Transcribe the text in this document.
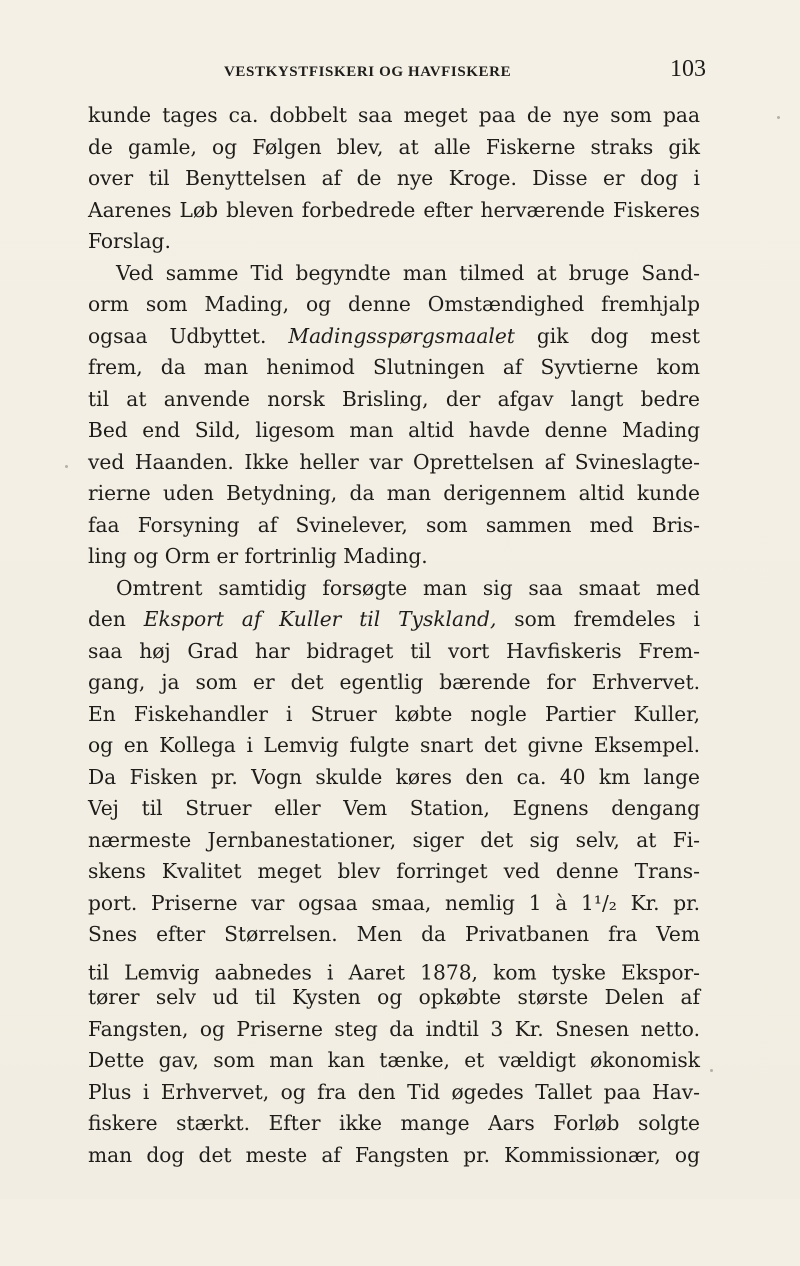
VESTKYSTFISKERI OG HAVFISKERE	103
kunde tages ca. dobbelt saa meget paa de nye som paa
de gamle, og Følgen blev, at alle Fiskerne straks gik
over til Benyttelsen af de nye Kroge. Disse er dog i
Aarenes Løb bleven forbedrede efter herværende Fiskeres
Forslag.
Ved samme Tid begyndte man tilmed at bruge Sand-
orm som Mading, og denne Omstændighed fremhjalp
ogsaa Udbyttet. Madingsspørgsmaalet gik dog mest
frem, da man henimod Slutningen af Syvtierne kom
til at anvende norsk Brisling, der afgav langt bedre
Bed end Sild, ligesom man altid havde denne Mading
ved Haanden. Ikke heller var Oprettelsen af Svineslagte-
rierne uden Betydning, da man derigennem altid kunde
faa Forsyning af Svinelever, som sammen med Bris-
ling og Orm er fortrinlig Mading.
Omtrent samtidig forsøgte man sig saa smaat med
den Eksport af Kuller til Tyskland, som fremdeles i
saa høj Grad har bidraget til vort Havfiskeris Frem-
gang, ja som er det egentlig bærende for Erhvervet.
En Fiskehandler i Struer købte nogle Partier Kuller,
og en Kollega i Lemvig fulgte snart det givne Eksempel.
Da Fisken pr. Vogn skulde køres den ca. 40 km lange
Vej til Struer eller Vem Station, Egnens dengang
nærmeste Jernbanestationer, siger det sig selv, at Fi-
skens Kvalitet meget blev forringet ved denne Trans-
port. Priserne var ogsaa smaa, nemlig 1 à 1¹/₂ Kr. pr.
Snes efter Størrelsen. Men da Privatbanen fra Vem
til Lemvig aabnedes i Aaret 1878, kom tyske Ekspor-
tører selv ud til Kysten og opkøbte største Delen af
Fangsten, og Priserne steg da indtil 3 Kr. Snesen netto.
Dette gav, som man kan tænke, et vældigt økonomisk
Plus i Erhvervet, og fra den Tid øgedes Tallet paa Hav-
fiskere stærkt. Efter ikke mange Aars Forløb solgte
man dog det meste af Fangsten pr. Kommissionær, og
